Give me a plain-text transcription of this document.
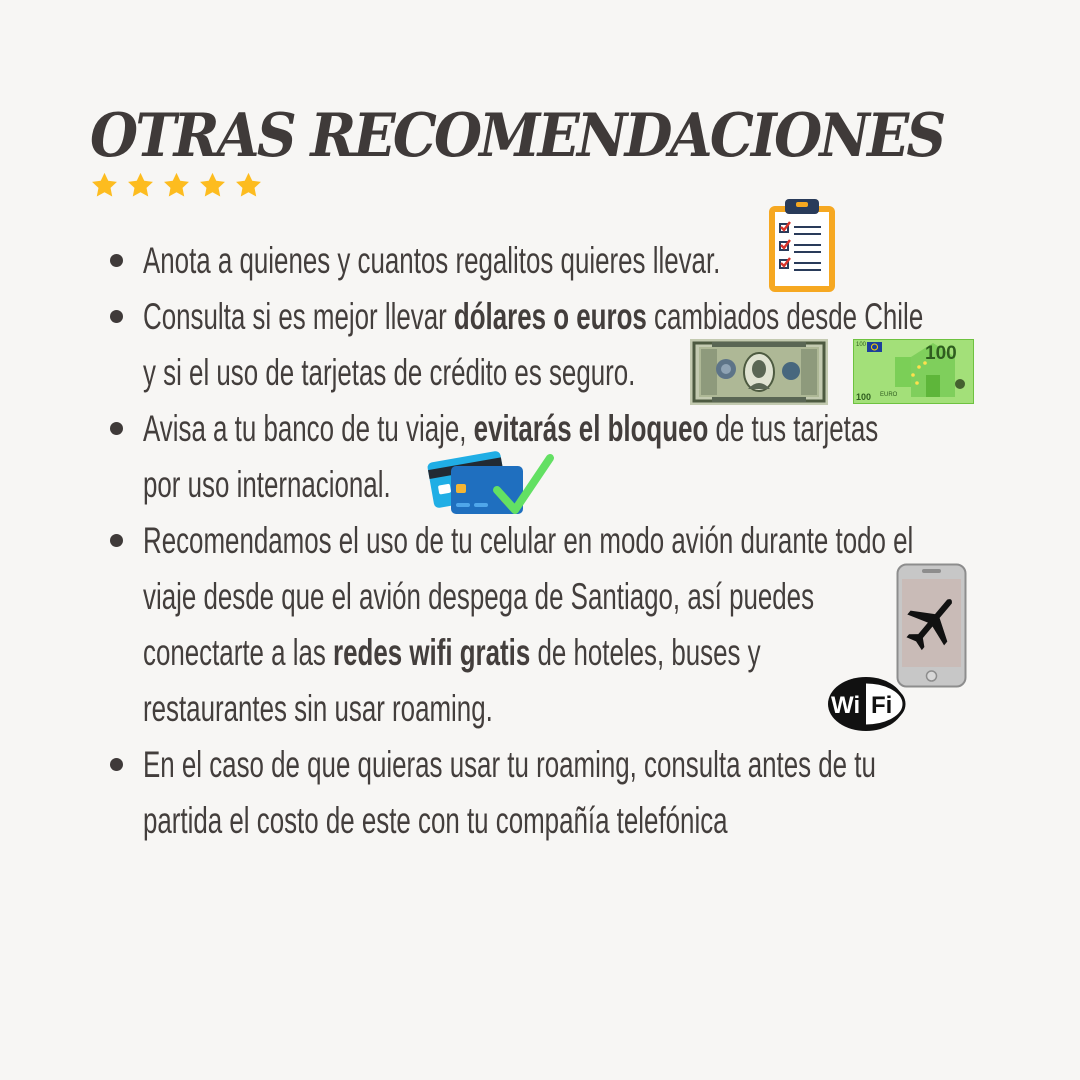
OTRAS RECOMENDACIONES
Anota a quienes y cuantos regalitos quieres llevar.
Consulta si es mejor llevar dólares o euros cambiados desde Chile
y si el uso de tarjetas de crédito es seguro.
Avisa a tu banco de tu viaje, evitarás el bloqueo de tus tarjetas
por uso internacional.
Recomendamos el uso de tu celular en modo avión durante todo el
viaje desde que el avión despega de Santiago, así puedes
conectarte a las redes wifi gratis de hoteles, buses y
restaurantes sin usar roaming.
En el caso de que quieras usar tu roaming, consulta antes de tu
partida el costo de este con tu compañía telefónica
100
100
100 EURO
Wi Fi
